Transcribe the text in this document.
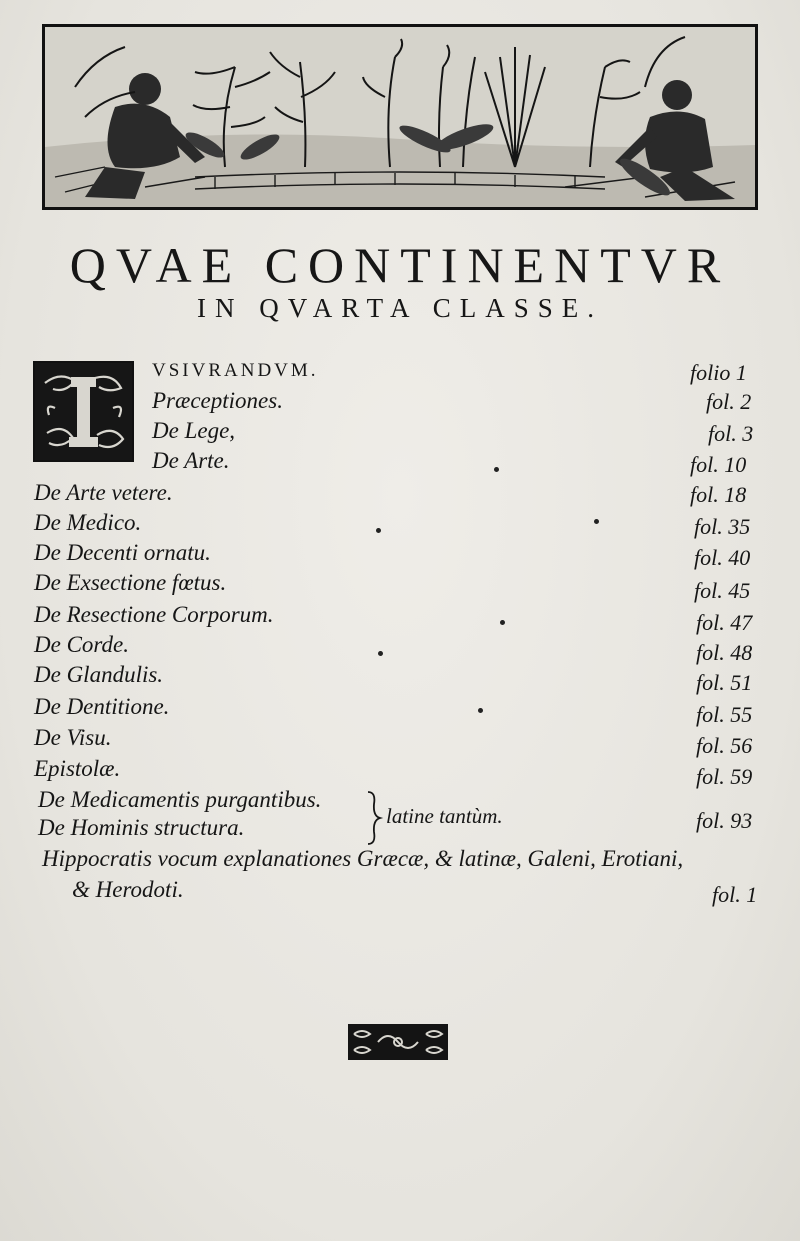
QVAE CONTINENTVR
IN QVARTA CLASSE.
VSIVRANDVM.	folio 1
Præceptiones.	fol. 2
De Lege,	fol. 3
De Arte.	fol. 10
De Arte vetere.	fol. 18
De Medico.	fol. 35
De Decenti ornatu.	fol. 40
De Exsectione fœtus.	fol. 45
De Resectione Corporum.	fol. 47
De Corde.	fol. 48
De Glandulis.	fol. 51
De Dentitione.	fol. 55
De Visu.	fol. 56
Epistolæ.	fol. 59
De Medicamentis purgantibus.
De Hominis structura.	fol. 93
latine tantùm.
Hippocratis vocum explanationes Græcæ, & latinæ, Galeni, Erotiani,
& Herodoti.	fol. 1
